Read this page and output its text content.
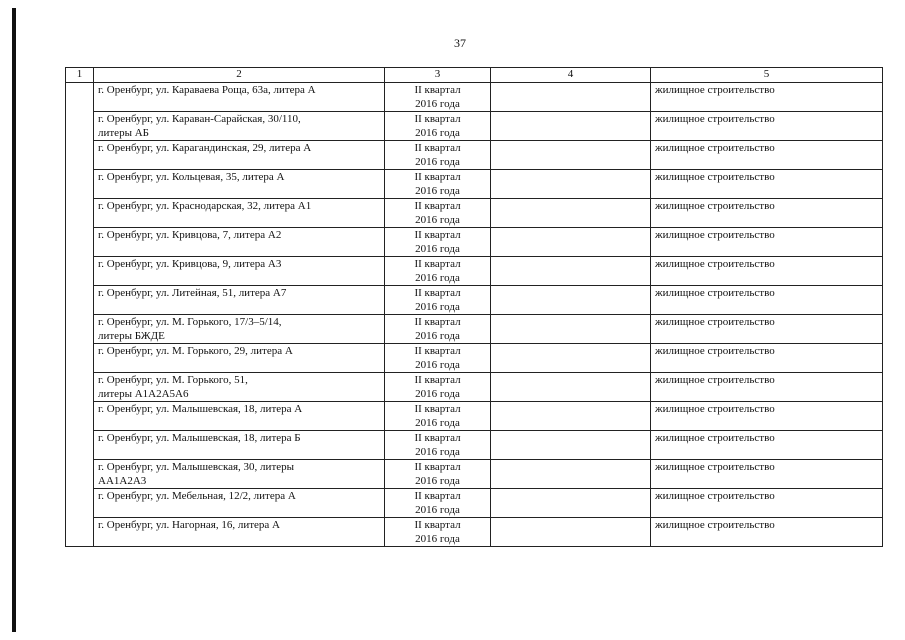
37
1	2	3	4	5

	г. Оренбург, ул. Караваева Роща, 63а, литера А	II квартал
2016 года		жилищное строительство

	г. Оренбург, ул. Караван-Сарайская, 30/110,
литеры АБ	II квартал
2016 года		жилищное строительство

	г. Оренбург, ул. Карагандинская, 29, литера А	II квартал
2016 года		жилищное строительство

	г. Оренбург, ул. Кольцевая, 35, литера А	II квартал
2016 года		жилищное строительство

	г. Оренбург, ул. Краснодарская, 32, литера А1	II квартал
2016 года		жилищное строительство

	г. Оренбург, ул. Кривцова, 7, литера А2	II квартал
2016 года		жилищное строительство

	г. Оренбург, ул. Кривцова, 9, литера А3	II квартал
2016 года		жилищное строительство

	г. Оренбург, ул. Литейная, 51, литера А7	II квартал
2016 года		жилищное строительство

	г. Оренбург, ул. М. Горького, 17/3–5/14,
литеры БЖДЕ	II квартал
2016 года		жилищное строительство

	г. Оренбург, ул. М. Горького, 29, литера А	II квартал
2016 года		жилищное строительство

	г. Оренбург, ул. М. Горького, 51,
литеры А1А2А5А6	II квартал
2016 года		жилищное строительство

	г. Оренбург, ул. Малышевская, 18, литера А	II квартал
2016 года		жилищное строительство

	г. Оренбург, ул. Малышевская, 18, литера Б	II квартал
2016 года		жилищное строительство

	г. Оренбург, ул. Малышевская, 30, литеры
АА1А2А3	II квартал
2016 года		жилищное строительство

	г. Оренбург, ул. Мебельная, 12/2, литера А	II квартал
2016 года		жилищное строительство

	г. Оренбург, ул. Нагорная, 16, литера А	II квартал
2016 года		жилищное строительство
